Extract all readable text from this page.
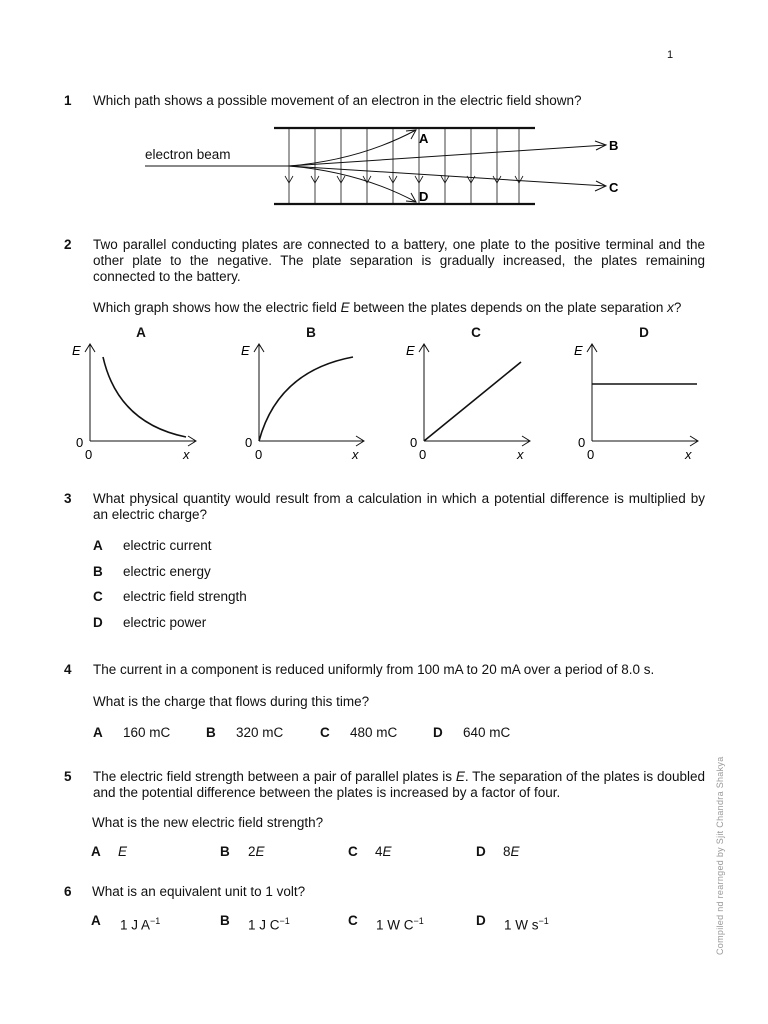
1
1 Which path shows a possible movement of an electron in the electric field shown?
electron beam
A	B
C
D
2 Two parallel conducting plates are connected to a battery, one plate to the positive terminal and the other plate to the negative. The plate separation is gradually increased, the plates remaining connected to the battery.
Which graph shows how the electric field E between the plates depends on the plate separation x?
A	B	C	D
E
0
0	x
E
0
0	x
E
0
0	x
E
0
0	x
3 What physical quantity would result from a calculation in which a potential difference is multiplied by an electric charge?
A electric current
B electric energy
C electric field strength
D electric power
4 The current in a component is reduced uniformly from 100 mA to 20 mA over a period of 8.0 s.
What is the charge that flows during this time?
A 160 mC	B 320 mC	C 480 mC	D 640 mC
5 The electric field strength between a pair of parallel plates is E. The separation of the plates is doubled and the potential difference between the plates is increased by a factor of four.
What is the new electric field strength?
A E	B 2E	C 4E	D 8E
6 What is an equivalent unit to 1 volt?
A 1 J $A^{-1}$	B 1 J $C^{-1}$	C 1 W $C^{-1}$	D 1 W $s^{-1}$	Compiled nd rearnged by Sjit Chandra Shakya
